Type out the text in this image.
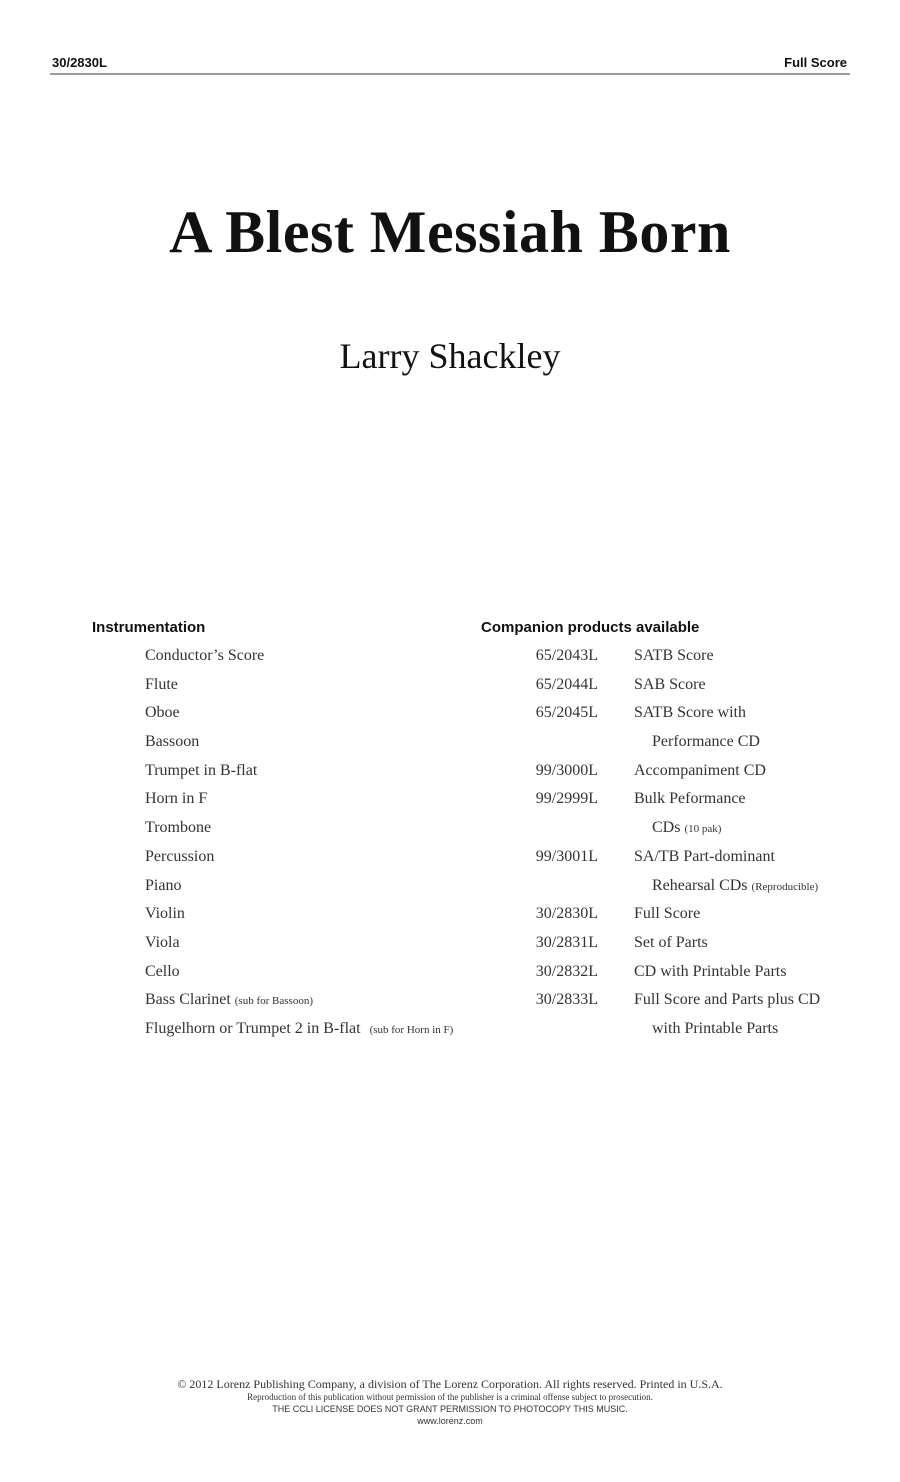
30/2830L	Full Score
A Blest Messiah Born
Larry Shackley
Instrumentation	Companion products available
Conductor’s Score
Flute
Oboe
Bassoon
Trumpet in B-flat
Horn in F
Trombone
Percussion
Piano
Violin
Viola
Cello
Bass Clarinet (sub for Bassoon)
Flugelhorn or Trumpet 2 in B-flat (sub for Horn in F)
65/2043L SATB Score
65/2044L SAB Score
65/2045L SATB Score with
Performance CD
99/3000L Accompaniment CD
99/2999L Bulk Peformance
CDs (10 pak)
99/3001L SA/TB Part-dominant
Rehearsal CDs (Reproducible)
30/2830L Full Score
30/2831L Set of Parts
30/2832L CD with Printable Parts
30/2833L Full Score and Parts plus CD
with Printable Parts
© 2012 Lorenz Publishing Company, a division of The Lorenz Corporation. All rights reserved. Printed in U.S.A.
Reproduction of this publication without permission of the publisher is a criminal offense subject to prosecution.
THE CCLI LICENSE DOES NOT GRANT PERMISSION TO PHOTOCOPY THIS MUSIC.
www.lorenz.com
